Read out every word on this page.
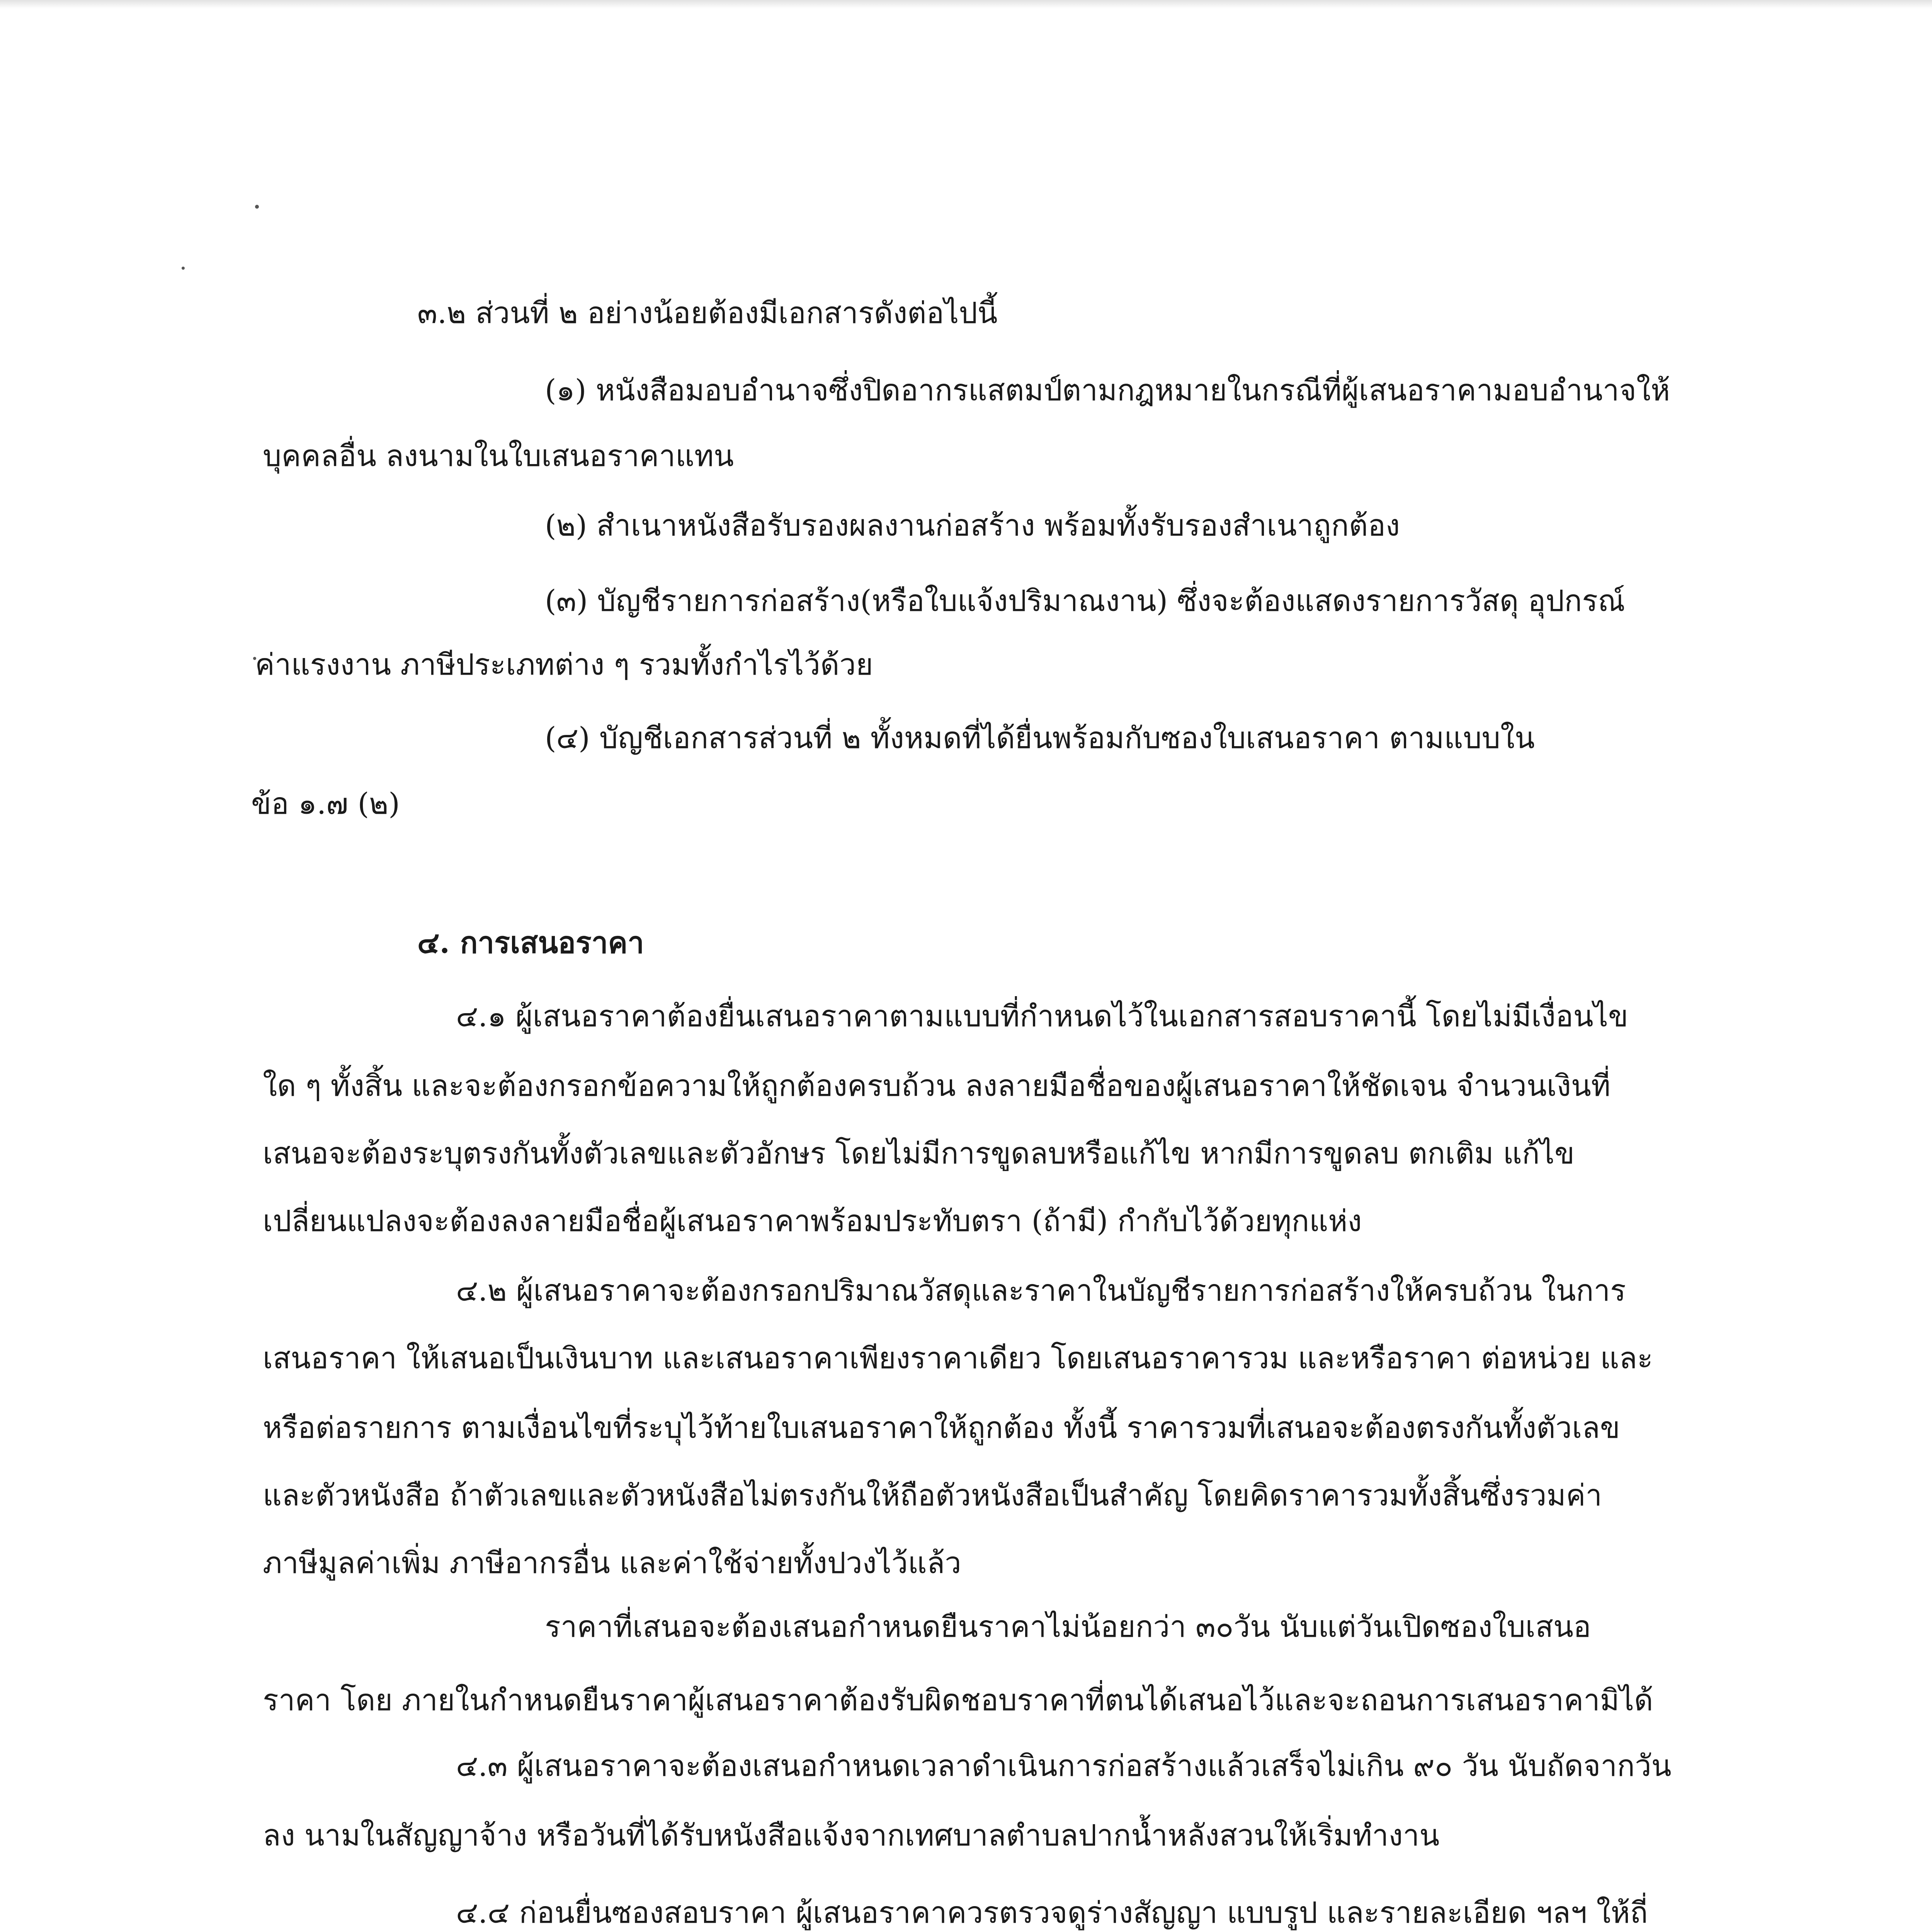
๓.๒ ส่วนที่ ๒ อย่างน้อยต้องมีเอกสารดังต่อไปนี้
(๑) หนังสือมอบอำนาจซึ่งปิดอากรแสตมป์ตามกฎหมายในกรณีที่ผู้เสนอราคามอบอำนาจให้
บุคคลอื่น ลงนามในใบเสนอราคาแทน
(๒) สำเนาหนังสือรับรองผลงานก่อสร้าง พร้อมทั้งรับรองสำเนาถูกต้อง
(๓) บัญชีรายการก่อสร้าง(หรือใบแจ้งปริมาณงาน) ซึ่งจะต้องแสดงรายการวัสดุ อุปกรณ์
ค่าแรงงาน ภาษีประเภทต่าง ๆ รวมทั้งกำไรไว้ด้วย
(๔) บัญชีเอกสารส่วนที่ ๒ ทั้งหมดที่ได้ยื่นพร้อมกับซองใบเสนอราคา ตามแบบใน
ข้อ ๑.๗ (๒)
๔. การเสนอราคา
๔.๑ ผู้เสนอราคาต้องยื่นเสนอราคาตามแบบที่กำหนดไว้ในเอกสารสอบราคานี้ โดยไม่มีเงื่อนไข
ใด ๆ ทั้งสิ้น และจะต้องกรอกข้อความให้ถูกต้องครบถ้วน ลงลายมือชื่อของผู้เสนอราคาให้ชัดเจน จำนวนเงินที่
เสนอจะต้องระบุตรงกันทั้งตัวเลขและตัวอักษร โดยไม่มีการขูดลบหรือแก้ไข หากมีการขูดลบ ตกเติม แก้ไข
เปลี่ยนแปลงจะต้องลงลายมือชื่อผู้เสนอราคาพร้อมประทับตรา (ถ้ามี) กำกับไว้ด้วยทุกแห่ง
๔.๒ ผู้เสนอราคาจะต้องกรอกปริมาณวัสดุและราคาในบัญชีรายการก่อสร้างให้ครบถ้วน ในการ
เสนอราคา ให้เสนอเป็นเงินบาท และเสนอราคาเพียงราคาเดียว โดยเสนอราคารวม และหรือราคา ต่อหน่วย และ
หรือต่อรายการ ตามเงื่อนไขที่ระบุไว้ท้ายใบเสนอราคาให้ถูกต้อง ทั้งนี้ ราคารวมที่เสนอจะต้องตรงกันทั้งตัวเลข
และตัวหนังสือ ถ้าตัวเลขและตัวหนังสือไม่ตรงกันให้ถือตัวหนังสือเป็นสำคัญ โดยคิดราคารวมทั้งสิ้นซึ่งรวมค่า
ภาษีมูลค่าเพิ่ม ภาษีอากรอื่น และค่าใช้จ่ายทั้งปวงไว้แล้ว
ราคาที่เสนอจะต้องเสนอกำหนดยืนราคาไม่น้อยกว่า ๓๐วัน นับแต่วันเปิดซองใบเสนอ
ราคา โดย ภายในกำหนดยืนราคาผู้เสนอราคาต้องรับผิดชอบราคาที่ตนได้เสนอไว้และจะถอนการเสนอราคามิได้
๔.๓ ผู้เสนอราคาจะต้องเสนอกำหนดเวลาดำเนินการก่อสร้างแล้วเสร็จไม่เกิน ๙๐ วัน นับถัดจากวัน
ลง นามในสัญญาจ้าง หรือวันที่ได้รับหนังสือแจ้งจากเทศบาลตำบลปากน้ำหลังสวนให้เริ่มทำงาน
๔.๔ ก่อนยื่นซองสอบราคา ผู้เสนอราคาควรตรวจดูร่างสัญญา แบบรูป และรายละเอียด ฯลฯ ให้ถี่
